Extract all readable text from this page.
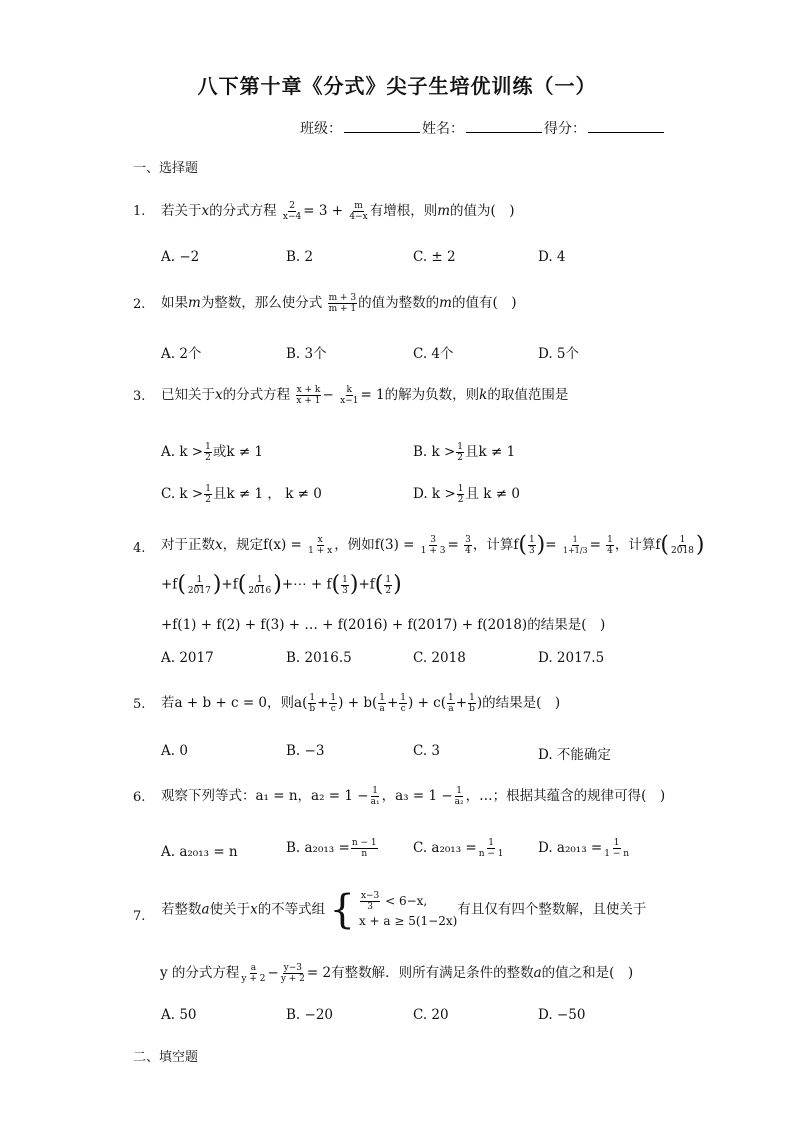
八下第十章《分式》尖子生培优训练（一）
班级：	姓名：	得分：
一、选择题
1. 若关于x的分式方程 $\frac{2}{x-4} = 3 + \frac{m}{4-x}$ 有增根，则m的值为(　)
A. −2	B. 2	C. ± 2	D. 4
2. 如果m为整数，那么使分式 $\frac{m + 3}{m + 1}$ 的值为整数的m的值有(　)
A. 2个	B. 3个	C. 4个	D. 5个
3. 已知关于x的分式方程 $\frac{x + k}{x + 1} - \frac{k}{x-1} = 1$的解为负数，则k的取值范围是
A. $k > \frac{1}{2}$ 或k ≠ 1	B. $k > \frac{1}{2}$ 且k ≠ 1
C. $k > \frac{1}{2}$ 且k ≠ 1 ， k ≠ 0	D. $k > \frac{1}{2}$ 且 k ≠ 0
4. 对于正数x，规定$f(x) = \frac{x}{1 + x}$ ，例如$f(3) = \frac{3}{1 + 3} = \frac{3}{4}$ ，计算$f( \frac{1}{3}$ )= $\frac{1}{1+1/3} = \frac{1}{4}$ ，计算$f( \frac{1}{2018}$ )
$+f( \frac{1}{2017} )+f( \frac{1}{2016}$ )+⋯ + $f( \frac{1}{3} )+f( \frac{1}{2}$ )
+f(1) + f(2) + f(3) + … + f(2016) + f(2017) + f(2018)的结果是(　)
A. 2017	B. 2016.5	C. 2018	D. 2017.5
5. 若a + b + c = 0，则$a( \frac{1}{b} + \frac{1}{c}$ ) + $b( \frac{1}{a} + \frac{1}{c}$ ) + $c( \frac{1}{a} + \frac{1}{b}$ )的结果是(　)
A. 0	B. −3	C. 3	D. 不能确定
6. 观察下列等式：a₁ = n，$a_2 = 1 - \frac{1}{\text{a₁}}$ ，$a_3 = 1 - \frac{1}{\text{a₂}}$ ，…；根据其蕴含的规律可得(　)
A. a₂₀₁₃ = n	B. $a_{2013} = \frac{n - 1}{n}$	C. $a_{2013} = \frac{1}{n - 1} D$. $a_{2013} = \frac{1}{1 - n}$
7. 若整数a使关于x的不等式组 { $\frac{x-3}{3} < 6-x$,
x + a ≥ 5(1−2x)
有且仅有四个整数解，且使关于
y 的分式方程 $\frac{a}{y + 2} - \frac{y-3}{y + 2} = 2$有整数解．则所有满足条件的整数a的值之和是(　)
A. 50	B. −20	C. 20	D. −50
二、填空题
